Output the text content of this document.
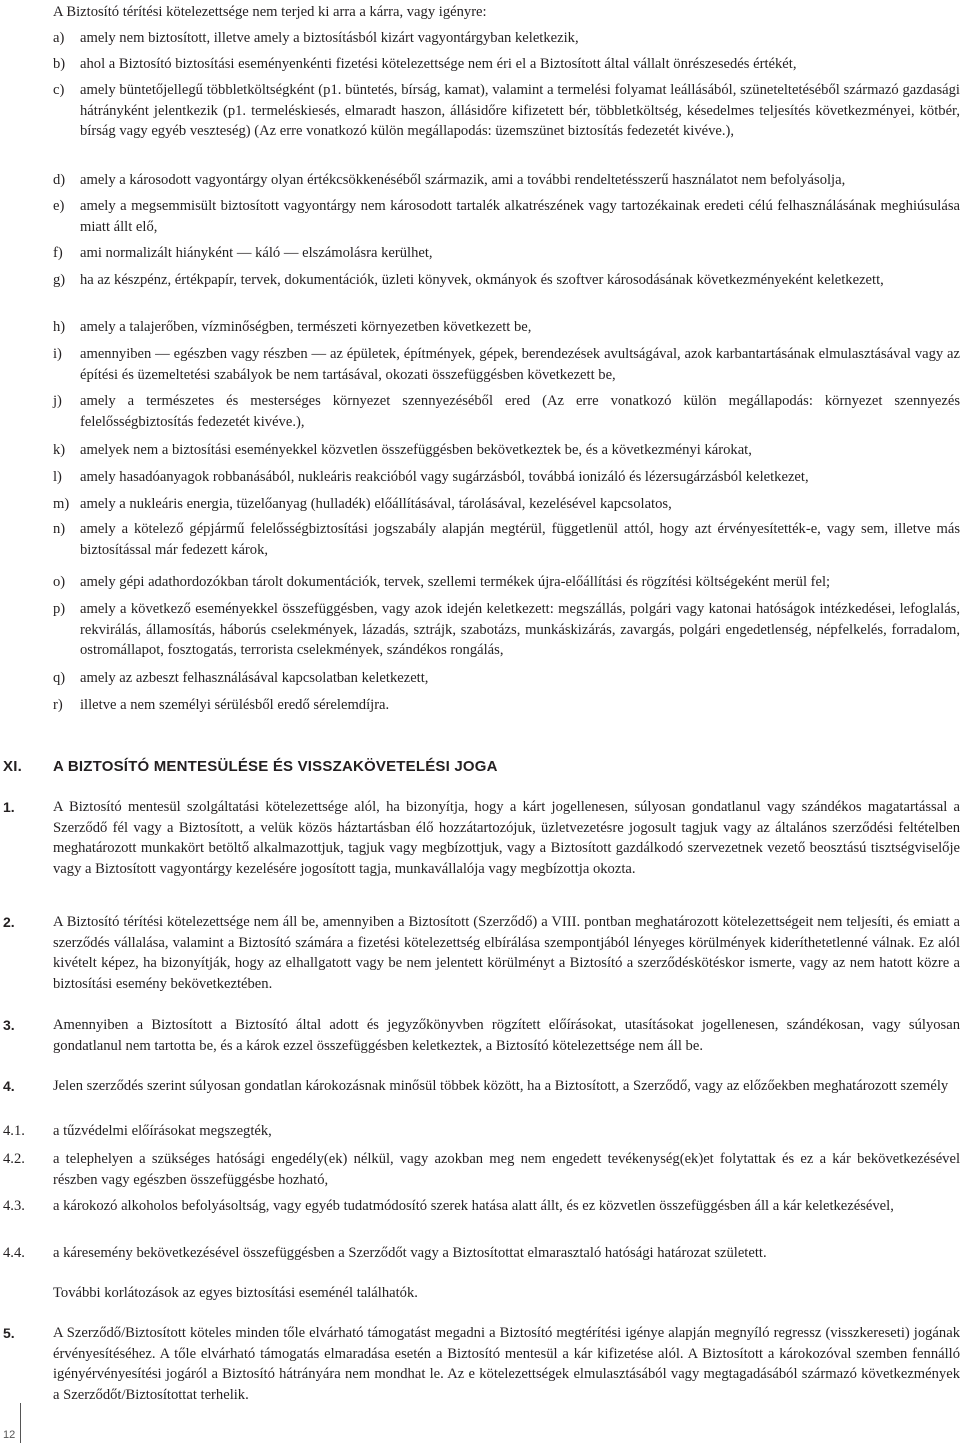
A Biztosító térítési kötelezettsége nem terjed ki arra a kárra, vagy igényre:

a) amely nem biztosított, illetve amely a biztosításból kizárt vagyontárgyban keletkezik,
b) ahol a Biztosító biztosítási eseményenkénti fizetési kötelezettsége nem éri el a Biztosított által vállalt önrészesedés értékét,
c) amely büntetőjellegű többletköltségként (p1. büntetés, bírság, kamat), valamint a termelési folyamat leállásából, szüneteltetéséből származó gazdasági hátrányként jelentkezik (p1. termeléskiesés, elmaradt haszon, állásidőre kifizetett bér, többletköltség, késedelmes teljesítés következményei, kötbér, bírság vagy egyéb veszteség) (Az erre vonatkozó külön megállapodás: üzemszünet biztosítás fedezetét kivéve.),
d) amely a károsodott vagyontárgy olyan értékcsökkenéséből származik, ami a további rendeltetésszerű használatot nem befolyásolja,
e) amely a megsemmisült biztosított vagyontárgy nem károsodott tartalék alkatrészének vagy tartozékainak eredeti célú felhasználásának meghiúsulása miatt állt elő,
f) ami normalizált hiányként — káló — elszámolásra kerülhet,
g) ha az készpénz, értékpapír, tervek, dokumentációk, üzleti könyvek, okmányok és szoftver károsodásának következményeként keletkezett,
h) amely a talajerőben, vízminőségben, természeti környezetben következett be,
i) amennyiben — egészben vagy részben — az épületek, építmények, gépek, berendezések avultságával, azok karbantartásának elmulasztásával vagy az építési és üzemeltetési szabályok be nem tartásával, okozati összefüggésben következett be,
j) amely a természetes és mesterséges környezet szennyezéséből ered (Az erre vonatkozó külön megállapodás: környezet szennyezés felelősségbiztosítás fedezetét kivéve.),
k) amelyek nem a biztosítási eseményekkel közvetlen összefüggésben bekövetkeztek be, és a következményi károkat,
l) amely hasadóanyagok robbanásából, nukleáris reakcióból vagy sugárzásból, továbbá ionizáló és lézersugárzásból keletkezet,
m) amely a nukleáris energia, tüzelőanyag (hulladék) előállításával, tárolásával, kezelésével kapcsolatos,
n) amely a kötelező gépjármű felelősségbiztosítási jogszabály alapján megtérül, függetlenül attól, hogy azt érvényesítették-e, vagy sem, illetve más biztosítással már fedezett károk,
o) amely gépi adathordozókban tárolt dokumentációk, tervek, szellemi termékek újra-előállítási és rögzítési költségeként merül fel;
p) amely a következő eseményekkel összefüggésben, vagy azok idején keletkezett: megszállás, polgári vagy katonai hatóságok intézkedései, lefoglalás, rekvirálás, államosítás, háborús cselekmények, lázadás, sztrájk, szabotázs, munkáskizárás, zavargás, polgári engedetlenség, népfelkelés, forradalom, ostromállapot, fosztogatás, terrorista cselekmények, szándékos rongálás,
q) amely az azbeszt felhasználásával kapcsolatban keletkezett,
r) illetve a nem személyi sérülésből eredő sérelemdíjra.
XI. A BIZTOSÍTÓ MENTESÜLÉSE ÉS VISSZAKÖVETELÉSI JOGA
1.	A Biztosító mentesül szolgáltatási kötelezettsége alól, ha bizonyítja, hogy a kárt jogellenesen, súlyosan gondatlanul vagy szándékos magatartással a Szerződő fél vagy a Biztosított, a velük közös háztartásban élő hozzátartozójuk, üzletvezetésre jogosult tagjuk vagy az általános szerződési feltételben meghatározott munkakört betöltő alkalmazottjuk, tagjuk vagy megbízottjuk, vagy a Biztosított gazdálkodó szervezetnek vezető beosztású tisztségviselője vagy a Biztosított vagyontárgy kezelésére jogosított tagja, munkavállalója vagy megbízottja okozta.
2.	A Biztosító térítési kötelezettsége nem áll be, amennyiben a Biztosított (Szerződő) a VIII. pontban meghatározott kötelezettségeit nem teljesíti, és emiatt a szerződés vállalása, valamint a Biztosító számára a fizetési kötelezettség elbírálása szempontjából lényeges körülmények kideríthetetlenné válnak. Ez alól kivételt képez, ha bizonyítják, hogy az elhallgatott vagy be nem jelentett körülményt a Biztosító a szerződéskötéskor ismerte, vagy az nem hatott közre a biztosítási esemény bekövetkeztében.
3.	Amennyiben a Biztosított a Biztosító által adott és jegyzőkönyvben rögzített előírásokat, utasításokat jogellenesen, szándékosan, vagy súlyosan gondatlanul nem tartotta be, és a károk ezzel összefüggésben keletkeztek, a Biztosító kötelezettsége nem áll be.
4.	Jelen szerződés szerint súlyosan gondatlan károkozásnak minősül többek között, ha a Biztosított, a Szerződő, vagy az előzőekben meghatározott személy
4.1. a tűzvédelmi előírásokat megszegték,
4.2. a telephelyen a szükséges hatósági engedély(ek) nélkül, vagy azokban meg nem engedett tevékenység(ek)et folytattak és ez a kár bekövetkezésével részben vagy egészben összefüggésbe hozható,
4.3. a károkozó alkoholos befolyásoltság, vagy egyéb tudatmódosító szerek hatása alatt állt, és ez közvetlen összefüggésben áll a kár keletkezésével,
4.4. a káresemény bekövetkezésével összefüggésben a Szerződőt vagy a Biztosítottat elmarasztaló hatósági határozat született.
További korlátozások az egyes biztosítási eseménél találhatók.
5.	A Szerződő/Biztosított köteles minden tőle elvárható támogatást megadni a Biztosító megtérítési igénye alapján megnyíló regressz (visszkereseti) jogának érvényesítéséhez. A tőle elvárható támogatás elmaradása esetén a Biztosító mentesül a kár kifizetése alól. A Biztosított a károkozóval szemben fennálló igényérvényesítési jogáról a Biztosító hátrányára nem mondhat le. Az e kötelezettségek elmulasztásából vagy megtagadásából származó következmények a Szerződőt/Biztosítottat terhelik.
12
